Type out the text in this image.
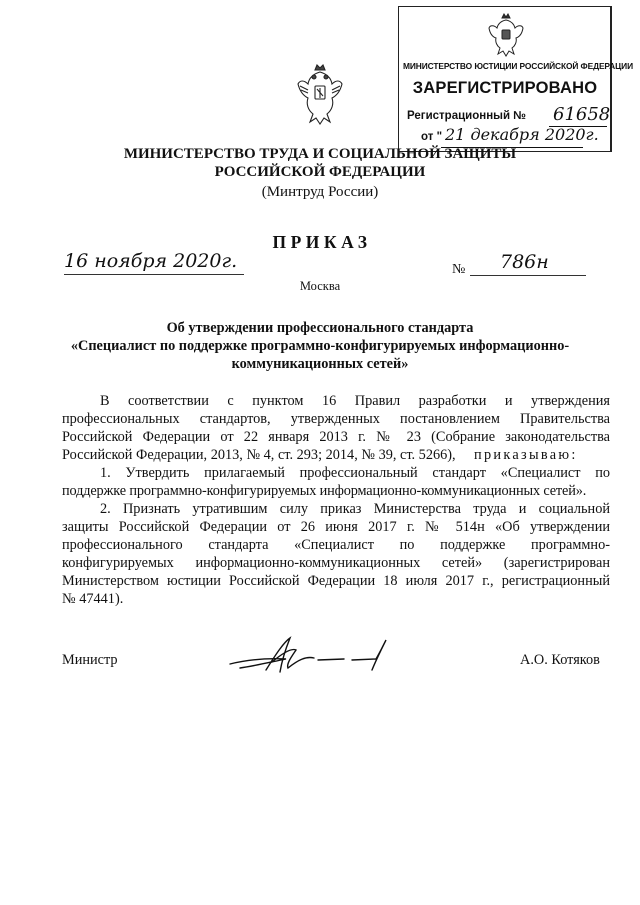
МИНИСТЕРСТВО ЮСТИЦИИ РОССИЙСКОЙ ФЕДЕРАЦИИ
ЗАРЕГИСТРИРОВАНО
Регистрационный № 61658
от " 21 декабря 2020г.
МИНИСТЕРСТВО ТРУДА И СОЦИАЛЬНОЙ ЗАЩИТЫ
РОССИЙСКОЙ ФЕДЕРАЦИИ
(Минтруд России)
ПРИКАЗ
16 ноября 2020г.	№ 786н
Москва
Об утверждении профессионального стандарта
«Специалист по поддержке программно-конфигурируемых информационно-
коммуникационных сетей»
В соответствии с пунктом 16 Правил разработки и утверждения
профессиональных стандартов, утвержденных постановлением Правительства
Российской Федерации от 22 января 2013 г. № 23 (Собрание законодательства
Российской Федерации, 2013, № 4, ст. 293; 2014, № 39, ст. 5266), приказываю:
1. Утвердить прилагаемый профессиональный стандарт «Специалист по
поддержке программно-конфигурируемых информационно-коммуникационных сетей».
2. Признать утратившим силу приказ Министерства труда и социальной
защиты Российской Федерации от 26 июня 2017 г. № 514н «Об утверждении
профессионального стандарта «Специалист по поддержке программно-
конфигурируемых информационно-коммуникационных сетей» (зарегистрирован
Министерством юстиции Российской Федерации 18 июля 2017 г., регистрационный
№ 47441).
Министр	А.О. Котяков
